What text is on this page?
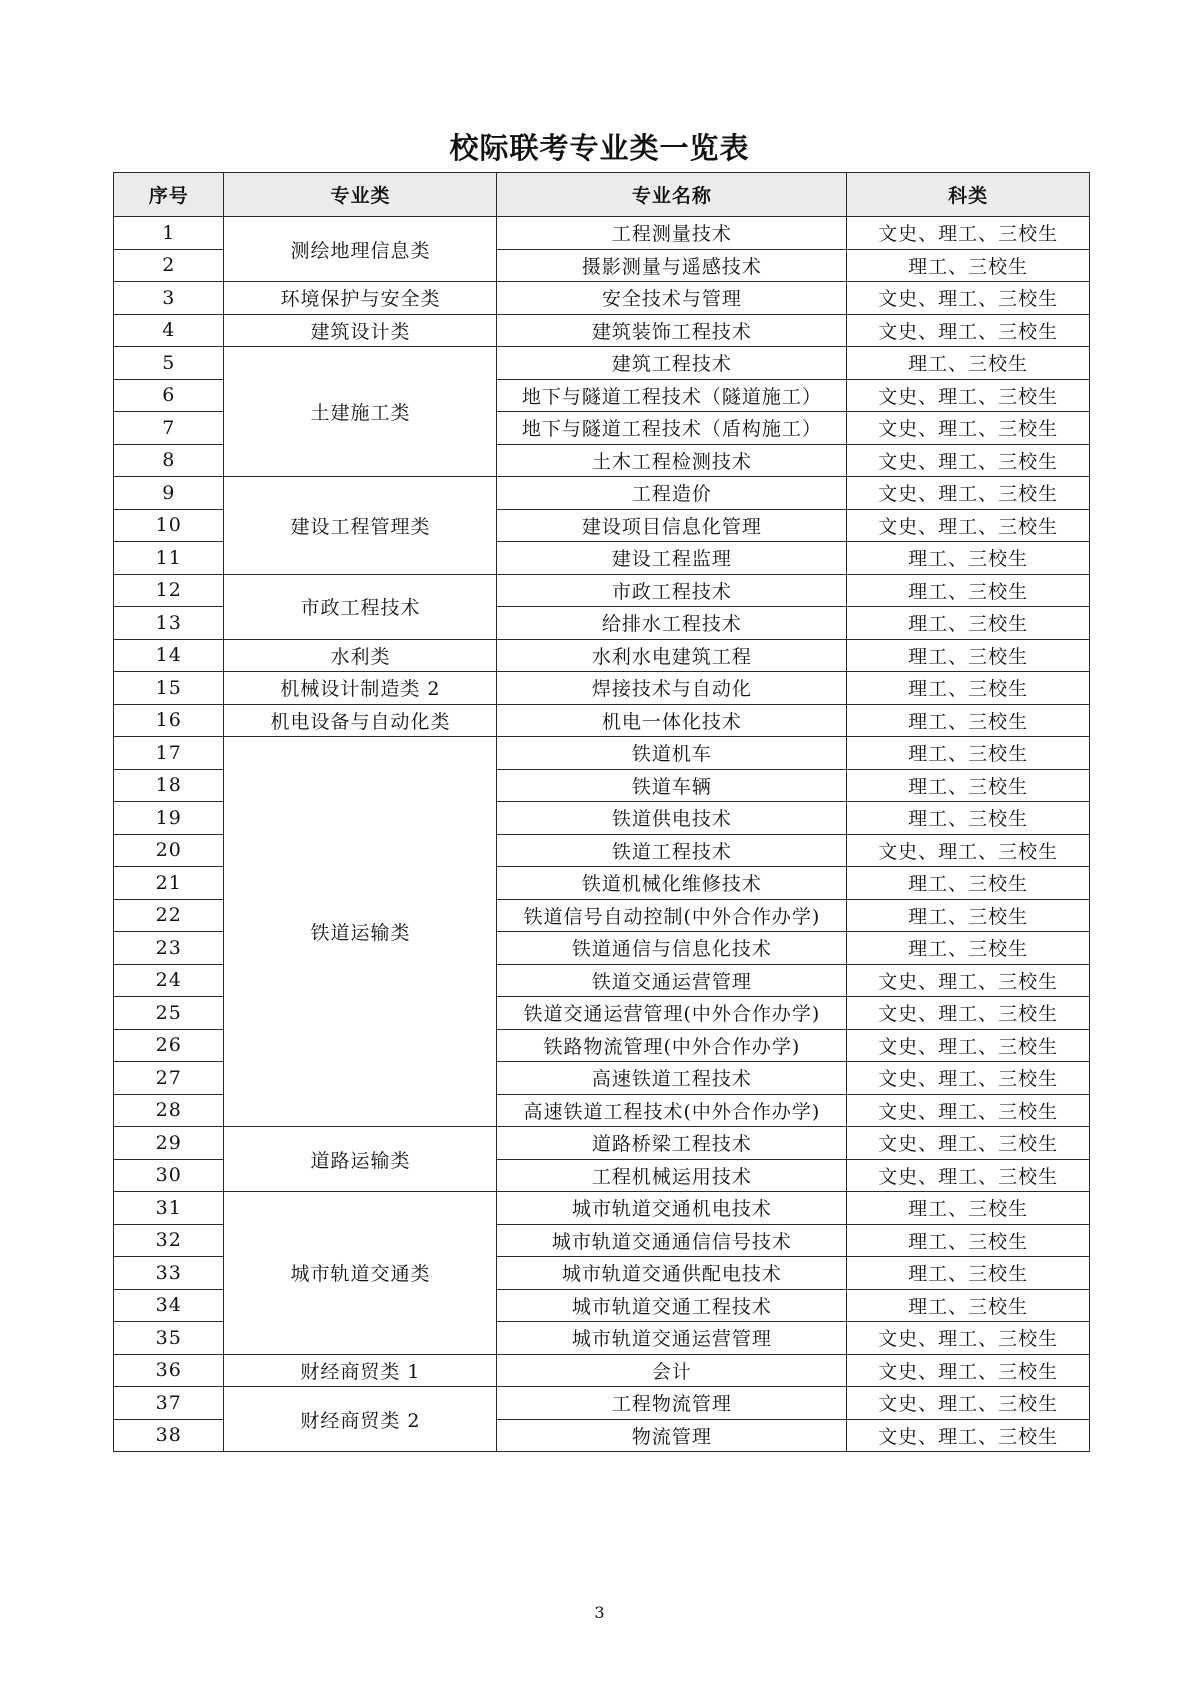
校际联考专业类一览表
序号	专业类	专业名称	科类
1	测绘地理信息类	工程测量技术	文史、理工、三校生
2		摄影测量与遥感技术	理工、三校生
3	环境保护与安全类	安全技术与管理	文史、理工、三校生
4	建筑设计类	建筑装饰工程技术	文史、理工、三校生
5	土建施工类	建筑工程技术	理工、三校生
6		地下与隧道工程技术（隧道施工）	文史、理工、三校生
7		地下与隧道工程技术（盾构施工）	文史、理工、三校生
8		土木工程检测技术	文史、理工、三校生
9	建设工程管理类	工程造价	文史、理工、三校生
10		建设项目信息化管理	文史、理工、三校生
11		建设工程监理	理工、三校生
12	市政工程技术	市政工程技术	理工、三校生
13		给排水工程技术	理工、三校生
14	水利类	水利水电建筑工程	理工、三校生
15	机械设计制造类 2	焊接技术与自动化	理工、三校生
16	机电设备与自动化类	机电一体化技术	理工、三校生
17	铁道运输类	铁道机车	理工、三校生
18		铁道车辆	理工、三校生
19		铁道供电技术	理工、三校生
20		铁道工程技术	文史、理工、三校生
21		铁道机械化维修技术	理工、三校生
22		铁道信号自动控制(中外合作办学)	理工、三校生
23		铁道通信与信息化技术	理工、三校生
24		铁道交通运营管理	文史、理工、三校生
25		铁道交通运营管理(中外合作办学)	文史、理工、三校生
26		铁路物流管理(中外合作办学)	文史、理工、三校生
27		高速铁道工程技术	文史、理工、三校生
28		高速铁道工程技术(中外合作办学)	文史、理工、三校生
29	道路运输类	道路桥梁工程技术	文史、理工、三校生
30		工程机械运用技术	文史、理工、三校生
31	城市轨道交通类	城市轨道交通机电技术	理工、三校生
32		城市轨道交通通信信号技术	理工、三校生
33		城市轨道交通供配电技术	理工、三校生
34		城市轨道交通工程技术	理工、三校生
35		城市轨道交通运营管理	文史、理工、三校生
36	财经商贸类 1	会计	文史、理工、三校生
37	财经商贸类 2	工程物流管理	文史、理工、三校生
38		物流管理	文史、理工、三校生
3
